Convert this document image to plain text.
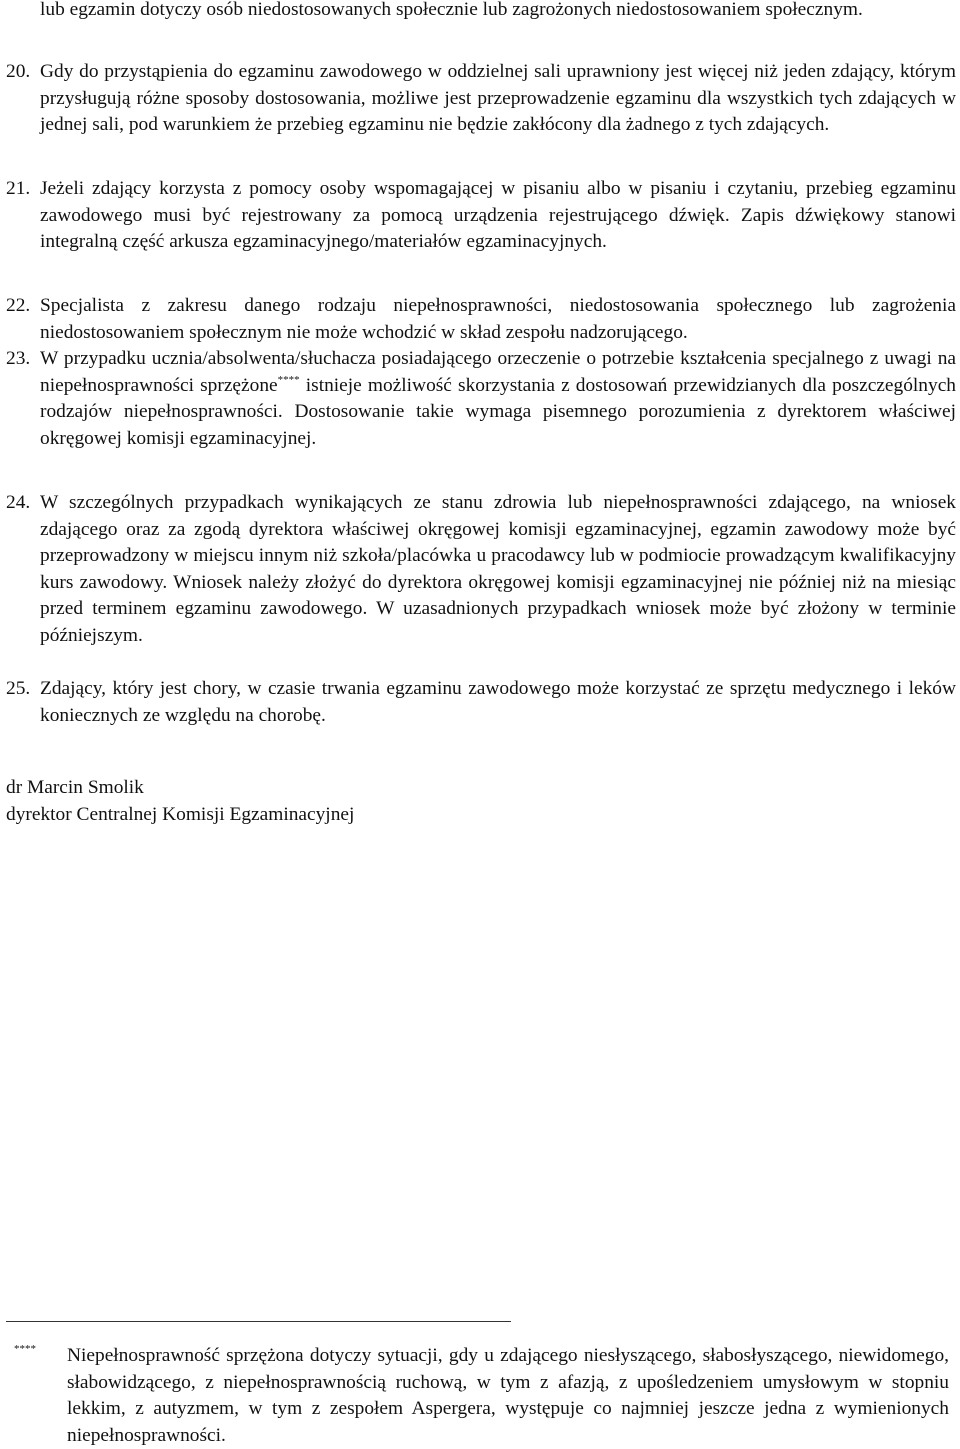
lub egzamin dotyczy osób niedostosowanych społecznie lub zagrożonych niedostosowaniem społecznym.

20. Gdy do przystąpienia do egzaminu zawodowego w oddzielnej sali uprawniony jest więcej niż jeden zdający, którym przysługują różne sposoby dostosowania, możliwe jest przeprowadzenie egzaminu dla wszystkich tych zdających w jednej sali, pod warunkiem że przebieg egzaminu nie będzie zakłócony dla żadnego z tych zdających.

21. Jeżeli zdający korzysta z pomocy osoby wspomagającej w pisaniu albo w pisaniu i czytaniu, przebieg egzaminu zawodowego musi być rejestrowany za pomocą urządzenia rejestrującego dźwięk. Zapis dźwiękowy stanowi integralną część arkusza egzaminacyjnego/materiałów egzaminacyjnych.

22. Specjalista z zakresu danego rodzaju niepełnosprawności, niedostosowania społecznego lub zagrożenia niedostosowaniem społecznym nie może wchodzić w skład zespołu nadzorującego.

23. W przypadku ucznia/absolwenta/słuchacza posiadającego orzeczenie o potrzebie kształcenia specjalnego z uwagi na niepełnosprawności sprzężone**** istnieje możliwość skorzystania z dostosowań przewidzianych dla poszczególnych rodzajów niepełnosprawności. Dostosowanie takie wymaga pisemnego porozumienia z dyrektorem właściwej okręgowej komisji egzaminacyjnej.

24. W szczególnych przypadkach wynikających ze stanu zdrowia lub niepełnosprawności zdającego, na wniosek zdającego oraz za zgodą dyrektora właściwej okręgowej komisji egzaminacyjnej, egzamin zawodowy może być przeprowadzony w miejscu innym niż szkoła/placówka u pracodawcy lub w podmiocie prowadzącym kwalifikacyjny kurs zawodowy. Wniosek należy złożyć do dyrektora okręgowej komisji egzaminacyjnej nie później niż na miesiąc przed terminem egzaminu zawodowego. W uzasadnionych przypadkach wniosek może być złożony w terminie późniejszym.

25. Zdający, który jest chory, w czasie trwania egzaminu zawodowego może korzystać ze sprzętu medycznego i leków koniecznych ze względu na chorobę.

dr Marcin Smolik
dyrektor Centralnej Komisji Egzaminacyjnej
**** Niepełnosprawność sprzężona dotyczy sytuacji, gdy u zdającego niesłyszącego, słabosłyszącego, niewidomego, słabowidzącego, z niepełnosprawnością ruchową, w tym z afazją, z upośledzeniem umysłowym w stopniu lekkim, z autyzmem, w tym z zespołem Aspergera, występuje co najmniej jeszcze jedna z wymienionych niepełnosprawności.
